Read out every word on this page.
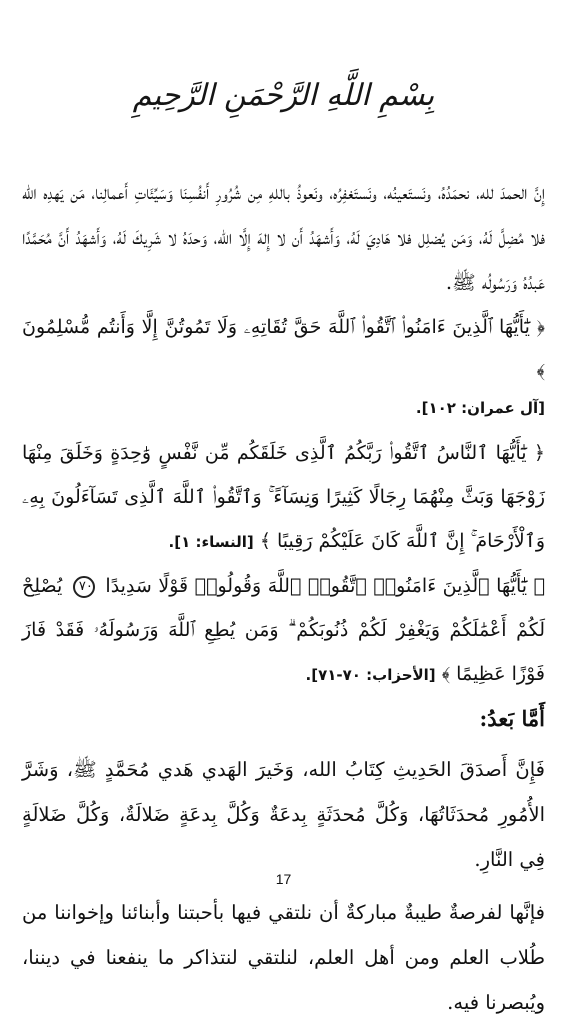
بِسْمِ اللَّهِ الرَّحْمَنِ الرَّحِيمِ

إِنَّ الحمدَ لله، نحمَدُهُ، ونَستَعينُه، ونَستَغفِرُه، ونَعوذُ باللهِ مِن شُرُورِ أَنفُسِنَا وَسَيِّئَاتِ أَعمالِنا، مَن يَهدِه الله فلا مُضِلَّ لَهُ، وَمَن يُضلِل فلا هَادِيَ لَهُ، وَأَشهَدُ أَن لا إِلهَ إِلَّا الله، وَحدَهُ لا شَرِيكَ لَهُ، وَأَشهَدُ أَنَّ مُحَمَّدًا عَبدُهُ وَرَسُولُه ﷺ.

﴿ يَٰٓأَيُّهَا ٱلَّذِينَ ءَامَنُوا۟ ٱتَّقُوا۟ ٱللَّهَ حَقَّ تُقَاتِهِۦ وَلَا تَمُوتُنَّ إِلَّا وَأَنتُم مُّسْلِمُونَ ﴾

[آل عمران: ١٠٢].

﴿ يَٰٓأَيُّهَا ٱلنَّاسُ ٱتَّقُوا۟ رَبَّكُمُ ٱلَّذِى خَلَقَكُم مِّن نَّفْسٍ وَٰحِدَةٍ وَخَلَقَ مِنْهَا زَوْجَهَا وَبَثَّ مِنْهُمَا رِجَالًا كَثِيرًا وَنِسَآءً ۚ وَٱتَّقُوا۟ ٱللَّهَ ٱلَّذِى تَسَآءَلُونَ بِهِۦ وَٱلْأَرْحَامَ ۚ إِنَّ ٱللَّهَ كَانَ عَلَيْكُمْ رَقِيبًا ﴾ [النساء: ١].

﴿ يَٰٓأَيُّهَا ٱلَّذِينَ ءَامَنُوا۟ ٱتَّقُوا۟ ٱللَّهَ وَقُولُوا۟ قَوْلًا سَدِيدًا ٧٠ يُصْلِحْ لَكُمْ أَعْمَٰلَكُمْ وَيَغْفِرْ لَكُمْ ذُنُوبَكُمْ ۗ وَمَن يُطِعِ ٱللَّهَ وَرَسُولَهُۥ فَقَدْ فَازَ فَوْزًا عَظِيمًا ﴾ [الأحزاب: ٧٠-٧١].

أَمَّا بَعدُ:

فَإِنَّ أَصدَقَ الحَدِيثِ كِتَابُ الله، وَخَيرَ الهَدي هَدي مُحَمَّدٍ ﷺ، وَشَرَّ الأُمُورِ مُحدَثَاتُهَا، وَكُلَّ مُحدَثَةٍ بِدعَةٌ وَكُلَّ بِدعَةٍ ضَلالَةٌ، وَكُلَّ ضَلالَةٍ فِي النَّارِ.

فإنَّها لفرصةٌ طيبةٌ مباركةٌ أن نلتقي فيها بأحبتنا وأبنائنا وإخواننا من طُلاب العلم ومن أهل العلم، لنلتقي لنتذاكر ما ينفعنا في ديننا، ويُبصرنا فيه.

17
